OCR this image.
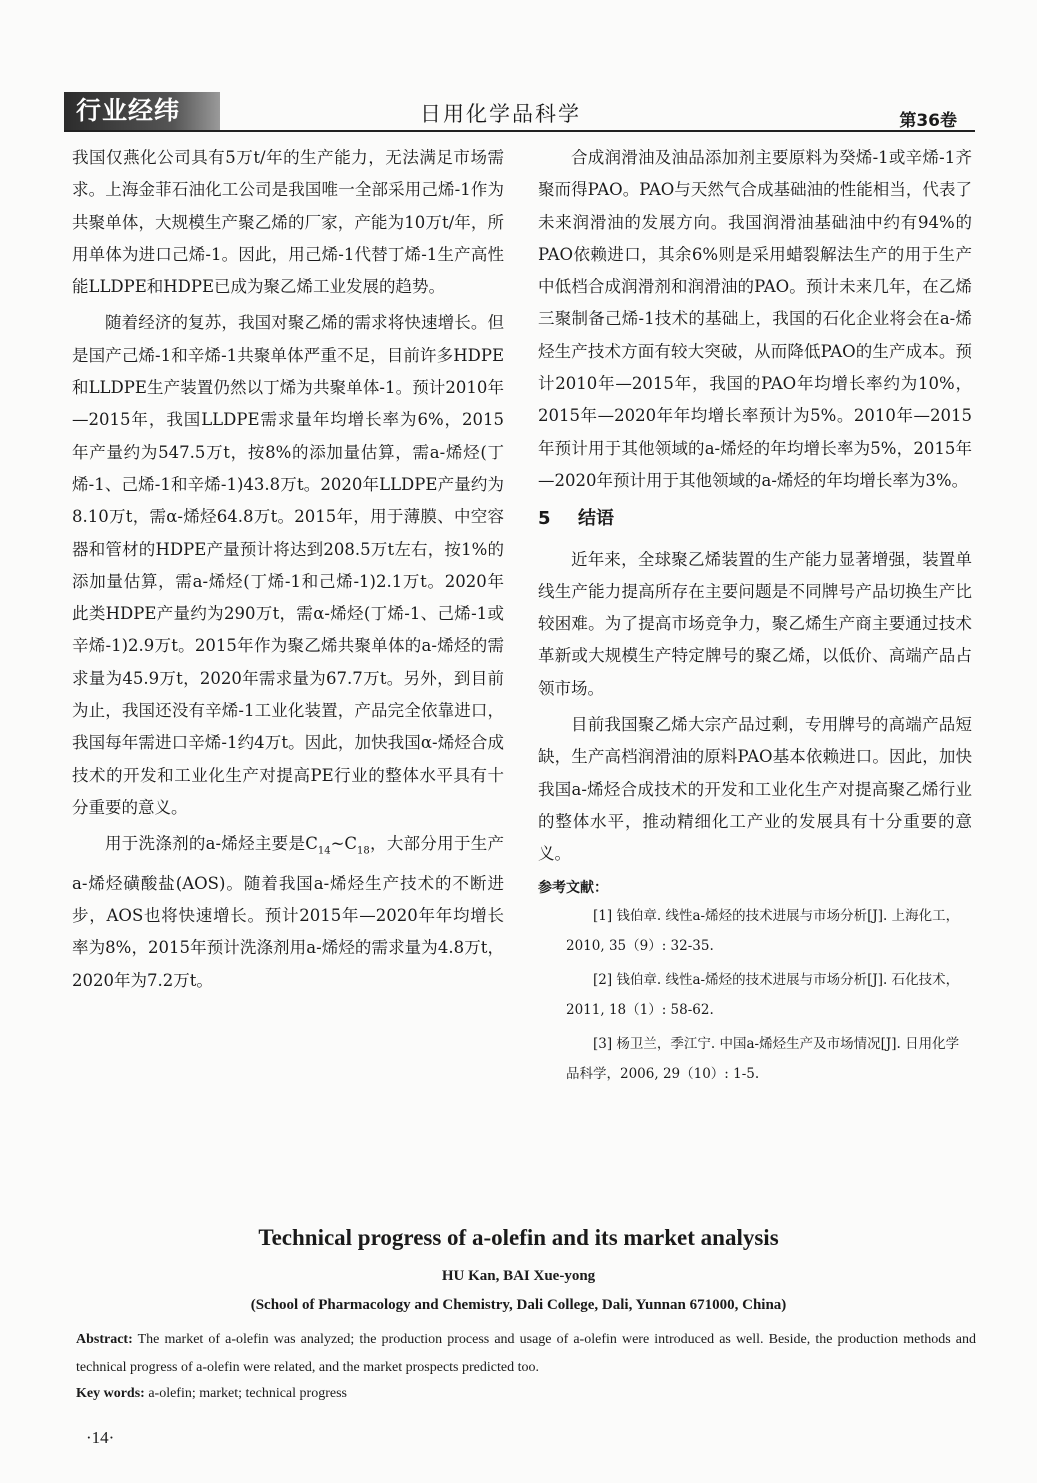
行业经纬	日用化学品科学	第36卷

我国仅燕化公司具有5万t/年的生产能力，无法满足市场需求。上海金菲石油化工公司是我国唯一全部采用己烯-1作为共聚单体，大规模生产聚乙烯的厂家，产能为10万t/年，所用单体为进口己烯-1。因此，用己烯-1代替丁烯-1生产高性能LLDPE和HDPE已成为聚乙烯工业发展的趋势。

随着经济的复苏，我国对聚乙烯的需求将快速增长。但是国产己烯-1和辛烯-1共聚单体严重不足，目前许多HDPE和LLDPE生产装置仍然以丁烯为共聚单体-1。预计2010年—2015年，我国LLDPE需求量年均增长率为6%，2015年产量约为547.5万t，按8%的添加量估算，需a-烯烃(丁烯-1、己烯-1和辛烯-1)43.8万t。2020年LLDPE产量约为8.10万t，需α-烯烃64.8万t。2015年，用于薄膜、中空容器和管材的HDPE产量预计将达到208.5万t左右，按1%的添加量估算，需a-烯烃(丁烯-1和己烯-1)2.1万t。2020年此类HDPE产量约为290万t，需α-烯烃(丁烯-1、己烯-1或辛烯-1)2.9万t。2015年作为聚乙烯共聚单体的a-烯烃的需求量为45.9万t，2020年需求量为67.7万t。另外，到目前为止，我国还没有辛烯-1工业化装置，产品完全依靠进口，我国每年需进口辛烯-1约4万t。因此，加快我国α-烯烃合成技术的开发和工业化生产对提高PE行业的整体水平具有十分重要的意义。

用于洗涤剂的a-烯烃主要是$C_{14}\sim C_{18}$，大部分用于生产a-烯烃磺酸盐(AOS)。随着我国a-烯烃生产技术的不断进步，AOS也将快速增长。预计2015年—2020年年均增长率为8%，2015年预计洗涤剂用a-烯烃的需求量为4.8万t，2020年为7.2万t。

合成润滑油及油品添加剂主要原料为癸烯-1或辛烯-1齐聚而得PAO。PAO与天然气合成基础油的性能相当，代表了未来润滑油的发展方向。我国润滑油基础油中约有94%的PAO依赖进口，其余6%则是采用蜡裂解法生产的用于生产中低档合成润滑剂和润滑油的PAO。预计未来几年，在乙烯三聚制备己烯-1技术的基础上，我国的石化企业将会在a-烯烃生产技术方面有较大突破，从而降低PAO的生产成本。预计2010年—2015年，我国的PAO年均增长率约为10%，2015年—2020年年均增长率预计为5%。2010年—2015年预计用于其他领域的a-烯烃的年均增长率为5%，2015年—2020年预计用于其他领域的a-烯烃的年均增长率为3%。

5 结语

近年来，全球聚乙烯装置的生产能力显著增强，装置单线生产能力提高所存在主要问题是不同牌号产品切换生产比较困难。为了提高市场竞争力，聚乙烯生产商主要通过技术革新或大规模生产特定牌号的聚乙烯，以低价、高端产品占领市场。

目前我国聚乙烯大宗产品过剩，专用牌号的高端产品短缺，生产高档润滑油的原料PAO基本依赖进口。因此，加快我国a-烯烃合成技术的开发和工业化生产对提高聚乙烯行业的整体水平，推动精细化工产业的发展具有十分重要的意义。

参考文献：

[1] 钱伯章. 线性a-烯烃的技术进展与市场分析[J]. 上海化工，2010, 35（9）: 32-35.

[2] 钱伯章. 线性a-烯烃的技术进展与市场分析[J]. 石化技术，2011, 18（1）: 58-62.

[3] 杨卫兰，季江宁. 中国a-烯烃生产及市场情况[J]. 日用化学品科学，2006, 29（10）: 1-5.

Technical progress of a-olefin and its market analysis
HU Kan, BAI Xue-yong
(School of Pharmacology and Chemistry, Dali College, Dali, Yunnan 671000, China)
Abstract: The market of a-olefin was analyzed; the production process and usage of a-olefin were introduced as well. Beside, the production methods and technical progress of a-olefin were related, and the market prospects predicted too.
Key words: a-olefin; market; technical progress
·14·
